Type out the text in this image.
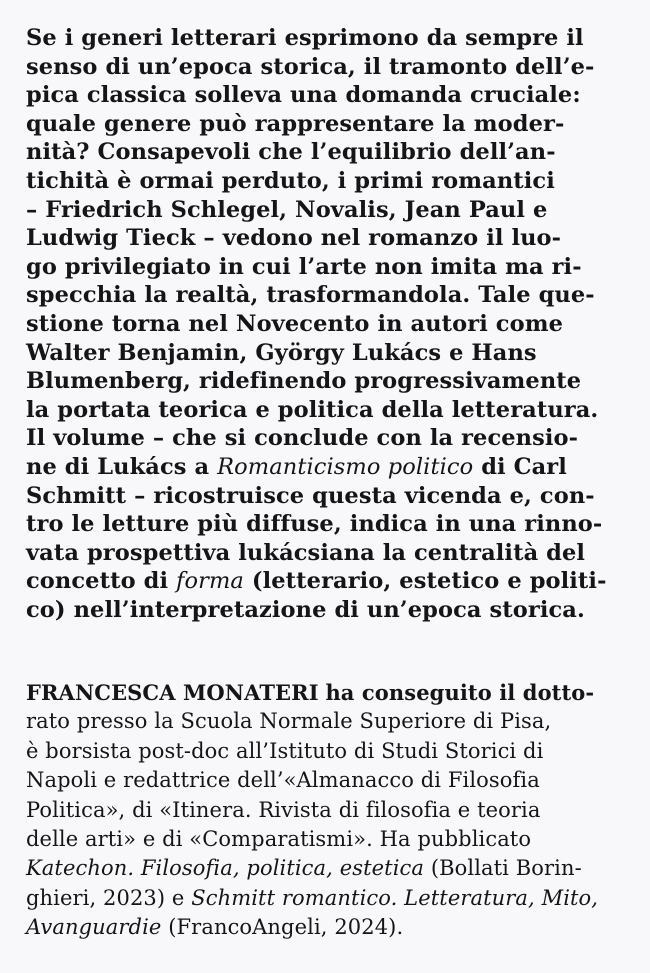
Se i generi letterari esprimono da sempre il
senso di un’epoca storica, il tramonto dell’e-
pica classica solleva una domanda cruciale:
quale genere può rappresentare la moder-
nità? Consapevoli che l’equilibrio dell’an-
tichità è ormai perduto, i primi romantici
– Friedrich Schlegel, Novalis, Jean Paul e
Ludwig Tieck – vedono nel romanzo il luo-
go privilegiato in cui l’arte non imita ma ri-
specchia la realtà, trasformandola. Tale que-
stione torna nel Novecento in autori come
Walter Benjamin, György Lukács e Hans
Blumenberg, ridefinendo progressivamente
la portata teorica e politica della letteratura.
Il volume – che si conclude con la recensio-
ne di Lukács a Romanticismo politico di Carl
Schmitt – ricostruisce questa vicenda e, con-
tro le letture più diffuse, indica in una rinno-
vata prospettiva lukácsiana la centralità del
concetto di forma (letterario, estetico e politi-
co) nell’interpretazione di un’epoca storica.
FRANCESCA MONATERI ha conseguito il dotto-
rato presso la Scuola Normale Superiore di Pisa,
è borsista post-doc all’Istituto di Studi Storici di
Napoli e redattrice dell’«Almanacco di Filosofia
Politica», di «Itinera. Rivista di filosofia e teoria
delle arti» e di «Comparatismi». Ha pubblicato
Katechon. Filosofia, politica, estetica (Bollati Borin-
ghieri, 2023) e Schmitt romantico. Letteratura, Mito,
Avanguardie (FrancoAngeli, 2024).
